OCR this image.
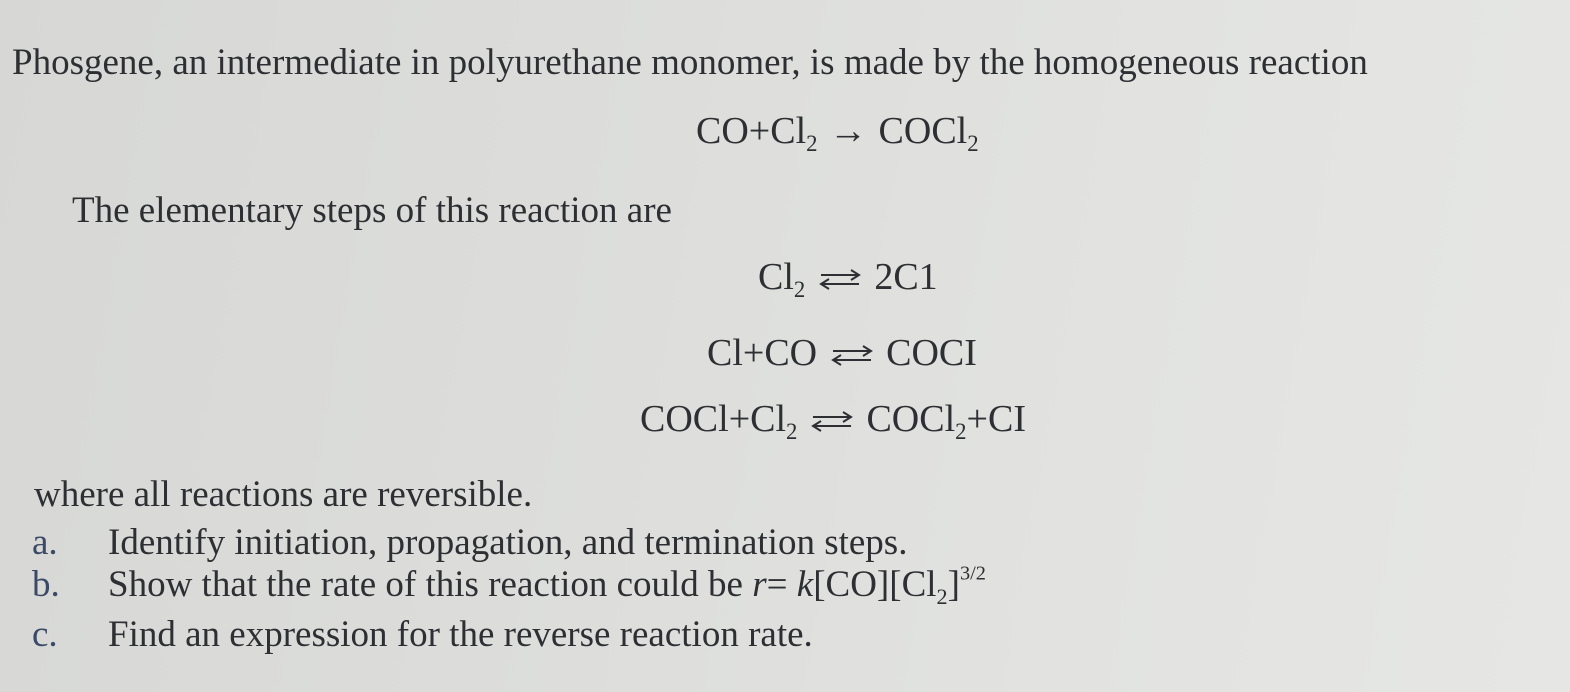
Phosgene, an intermediate in polyurethane monomer, is made by the homogeneous reaction
$CO+Cl_2$ → COCl$_2$
The elementary steps of this reaction are
$Cl_2$ ⇌ 2C1
Cl+CO ⇌ COCI
$COCl+Cl_2$ ⇌ COCl$_2$+CI
where all reactions are reversible.
a. Identify initiation, propagation, and termination steps.
b. Show that the rate of this reaction could be $r= k[CO][Cl_2]^{3/2}$
c. Find an expression for the reverse reaction rate.
